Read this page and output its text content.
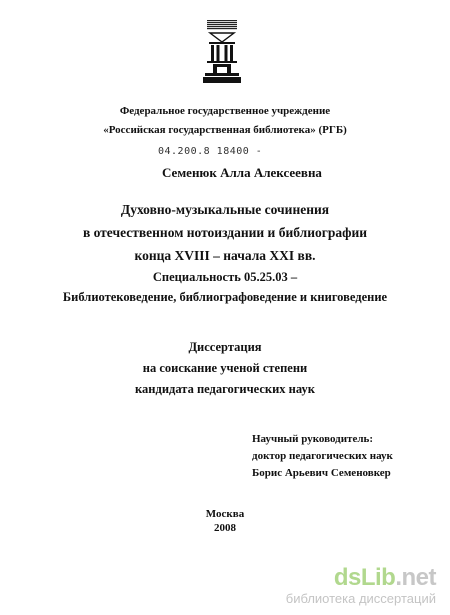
Федеральное государственное учреждение
«Российская государственная библиотека» (РГБ)
04.200.8 18400 -
Семенюк Алла Алексеевна
Духовно-музыкальные сочинения
в отечественном нотоиздании и библиографии
конца XVIII – начала XXI вв.
Специальность 05.25.03 –
Библиотековедение, библиографоведение и книговедение
Диссертация
на соискание ученой степени
кандидата педагогических наук
Научный руководитель:
доктор педагогических наук
Борис Арьевич Семеновкер
Москва
2008
dsLib.net
библиотека диссертаций
